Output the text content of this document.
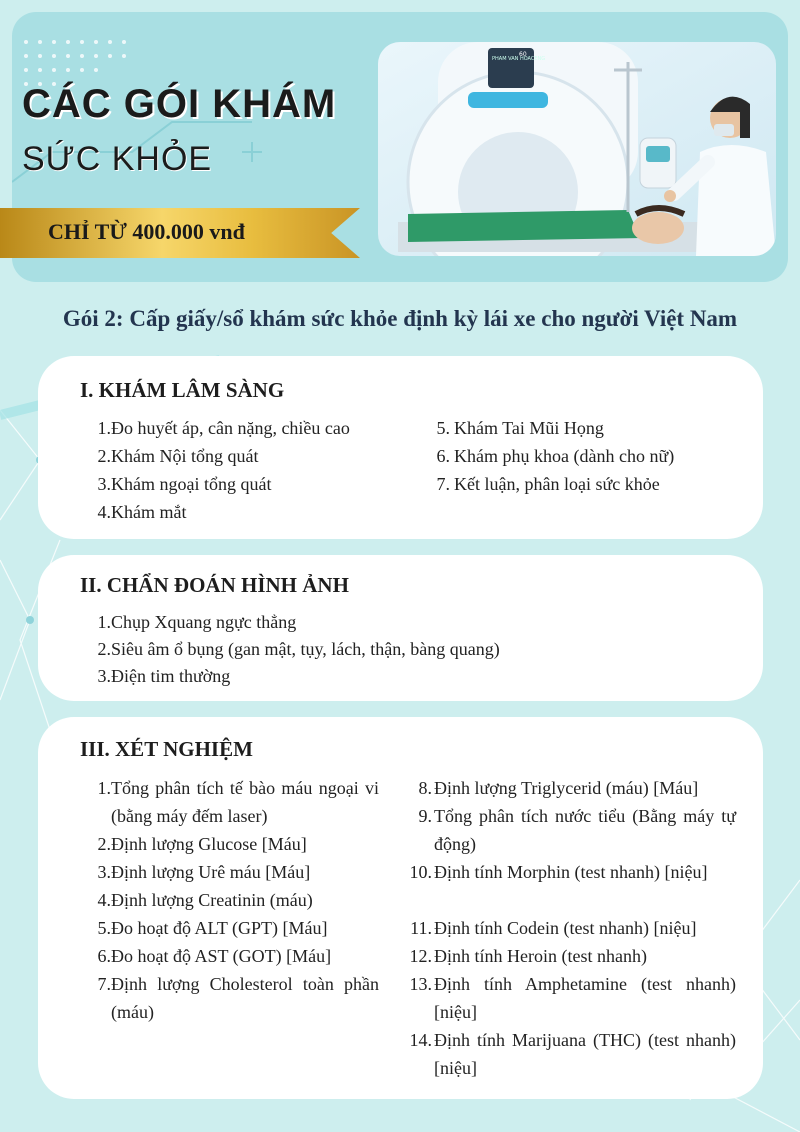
CÁC GÓI KHÁM
SỨC KHỎE
CHỈ TỪ 400.000 vnđ
PHAM VAN HOACENG
60
Gói 2: Cấp giấy/sổ khám sức khỏe định kỳ lái xe cho người Việt Nam
I. KHÁM LÂM SÀNG
1. Đo huyết áp, cân nặng, chiều cao
2. Khám Nội tổng quát
3. Khám ngoại tổng quát
4. Khám mắt
5. Khám Tai Mũi Họng
6. Khám phụ khoa (dành cho nữ)
7. Kết luận, phân loại sức khỏe
II. CHẨN ĐOÁN HÌNH ẢNH
1. Chụp Xquang ngực thẳng
2. Siêu âm ổ bụng (gan mật, tụy, lách, thận, bàng quang)
3. Điện tim thường
III. XÉT NGHIỆM
1. Tổng phân tích tế bào máu ngoại vi (bằng máy đếm laser)
2. Định lượng Glucose [Máu]
3. Định lượng Urê máu [Máu]
4. Định lượng Creatinin (máu)
5. Đo hoạt độ ALT (GPT) [Máu]
6. Đo hoạt độ AST (GOT) [Máu]
7. Định lượng Cholesterol toàn phần (máu)
8. Định lượng Triglycerid (máu) [Máu]
9. Tổng phân tích nước tiểu (Bằng máy tự động)
10. Định tính Morphin (test nhanh) [niệu]
11. Định tính Codein (test nhanh) [niệu]
12. Định tính Heroin (test nhanh)
13. Định tính Amphetamine (test nhanh) [niệu]
14. Định tính Marijuana (THC) (test nhanh) [niệu]
